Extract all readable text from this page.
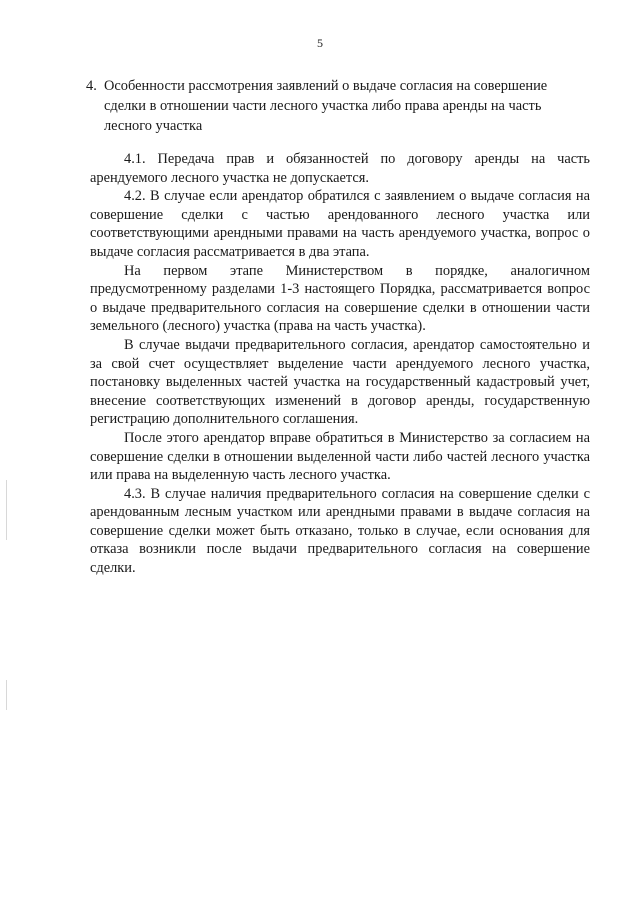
5
4. Особенности рассмотрения заявлений о выдаче согласия на совершение сделки в отношении части лесного участка либо права аренды на часть лесного участка

4.1. Передача прав и обязанностей по договору аренды на часть арендуемого лесного участка не допускается.

4.2. В случае если арендатор обратился с заявлением о выдаче согласия на совершение сделки с частью арендованного лесного участка или соответствующими арендными правами на часть арендуемого участка, вопрос о выдаче согласия рассматривается в два этапа.

На первом этапе Министерством в порядке, аналогичном предусмотренному разделами 1-3 настоящего Порядка, рассматривается вопрос о выдаче предварительного согласия на совершение сделки в отношении части земельного (лесного) участка (права на часть участка).

В случае выдачи предварительного согласия, арендатор самостоятельно и за свой счет осуществляет выделение части арендуемого лесного участка, постановку выделенных частей участка на государственный кадастровый учет, внесение соответствующих изменений в договор аренды, государственную регистрацию дополнительного соглашения.

После этого арендатор вправе обратиться в Министерство за согласием на совершение сделки в отношении выделенной части либо частей лесного участка или права на выделенную часть лесного участка.

4.3. В случае наличия предварительного согласия на совершение сделки с арендованным лесным участком или арендными правами в выдаче согласия на совершение сделки может быть отказано, только в случае, если основания для отказа возникли после выдачи предварительного согласия на совершение сделки.
